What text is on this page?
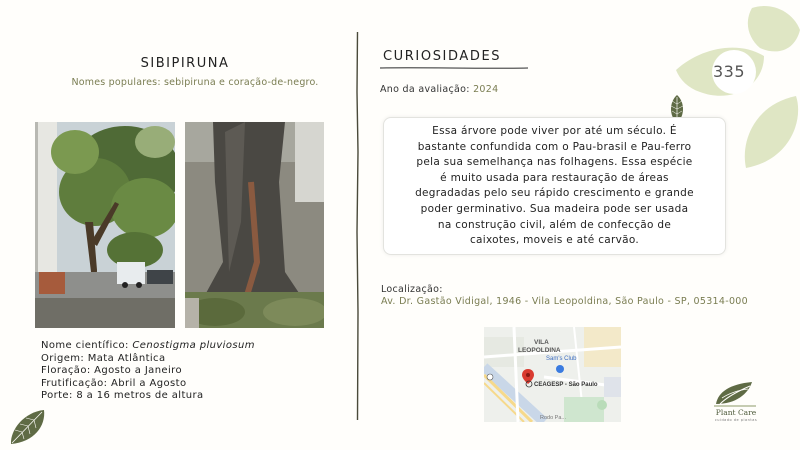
335
SIBIPIRUNA
Nomes populares: sebipiruna e coração-de-negro.
Nome científico: Cenostigma pluviosum
Origem: Mata Atlântica
Floração: Agosto a Janeiro
Frutificação: Abril a Agosto
Porte: 8 a 16 metros de altura
CURIOSIDADES
Ano da avaliação: 2024
Essa árvore pode viver por até um século. É
bastante confundida com o Pau-brasil e Pau-ferro
pela sua semelhança nas folhagens. Essa espécie
é muito usada para restauração de áreas
degradadas pelo seu rápido crescimento e grande
poder germinativo. Sua madeira pode ser usada
na construção civil, além de confecção de
caixotes, moveis e até carvão.
Localização:
Av. Dr. Gastão Vidigal, 1946 - Vila Leopoldina, São Paulo - SP, 05314-000
VILA
LEOPOLDINA
Sam's Club
CEAGESP - São Paulo
Rodo Pa...
Plant Care
cuidado de plantas
